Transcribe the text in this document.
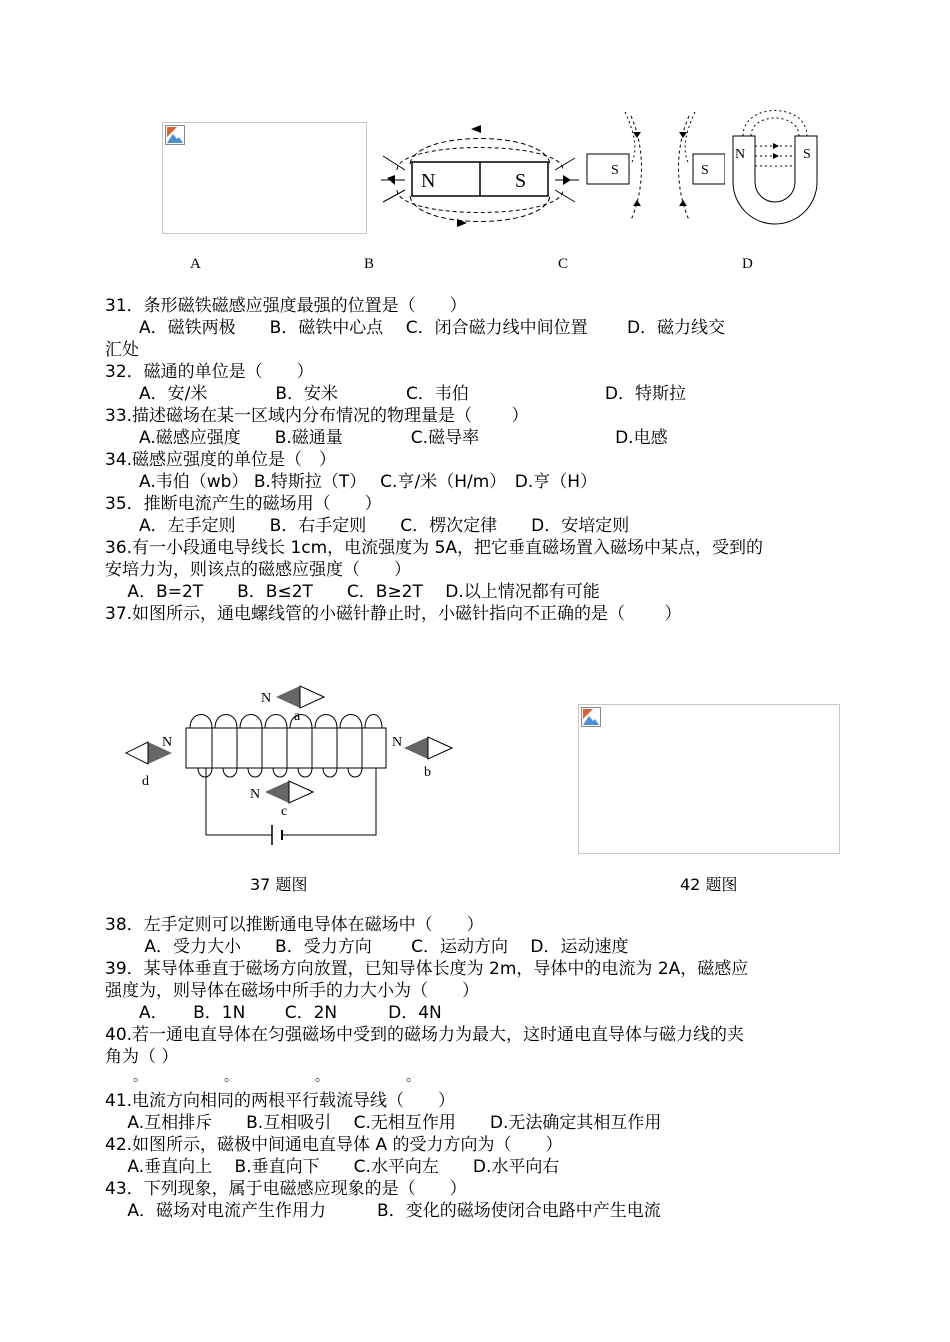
N	S	S	S
N	S
A	B	C	D
31．条形磁铁磁感应强度最强的位置是（　　）
　　A．磁铁两极　　B．磁铁中心点　 C．闭合磁力线中间位置　　 D．磁力线交
汇处
32．磁通的单位是（　　）
　　A．安/米　　　　B．安米　　　　C．韦伯　　　　　　　　D．特斯拉
33.描述磁场在某一区域内分布情况的物理量是（　　 ）
　　A.磁感应强度　　B.磁通量　　　　C.磁导率　　　　　　　　D.电感
34.磁感应强度的单位是（　）
　　A.韦伯（wb） B.特斯拉（T）　 C.亨/米（H/m）　D.亨（H）
35．推断电流产生的磁场用（　　）
　　A．左手定则　　B．右手定则　　C．楞次定律　　D．安培定则
36.有一小段通电导线长 1cm，电流强度为 5A，把它垂直磁场置入磁场中某点，受到的
安培力为，则该点的磁感应强度（　　）
　 A．B=2T　　B．B≤2T　　C．B≥2T　 D.以上情况都有可能
37.如图所示，通电螺线管的小磁针静止时，小磁针指向不正确的是（　　 ）
N
N
N
N
a
b
c
d
37 题图	42 题图
38．左手定则可以推断通电导体在磁场中（　　）
　　 A．受力大小　　B．受力方向　　 C．运动方向　 D．运动速度
39．某导体垂直于磁场方向放置，已知导体长度为 2m，导体中的电流为 2A，磁感应
强度为，则导体在磁场中所手的力大小为（　　）
　　A．　　B．1N　　 C．2N　　　D．4N
40.若一通电直导体在匀强磁场中受到的磁场力为最大，这时通电直导体与磁力线的夹
角为（ ）
　　。　　　　　　。　　　　　　。　　　　　　。
41.电流方向相同的两根平行载流导线（　　）
　 A.互相排斥　　B.互相吸引　 C.无相互作用　　D.无法确定其相互作用
42.如图所示，磁极中间通电直导体 A 的受力方向为（　　）
　 A.垂直向上　 B.垂直向下　　C.水平向左　　D.水平向右
43．下列现象，属于电磁感应现象的是（　　）
　 A．磁场对电流产生作用力　　　B．变化的磁场使闭合电路中产生电流
